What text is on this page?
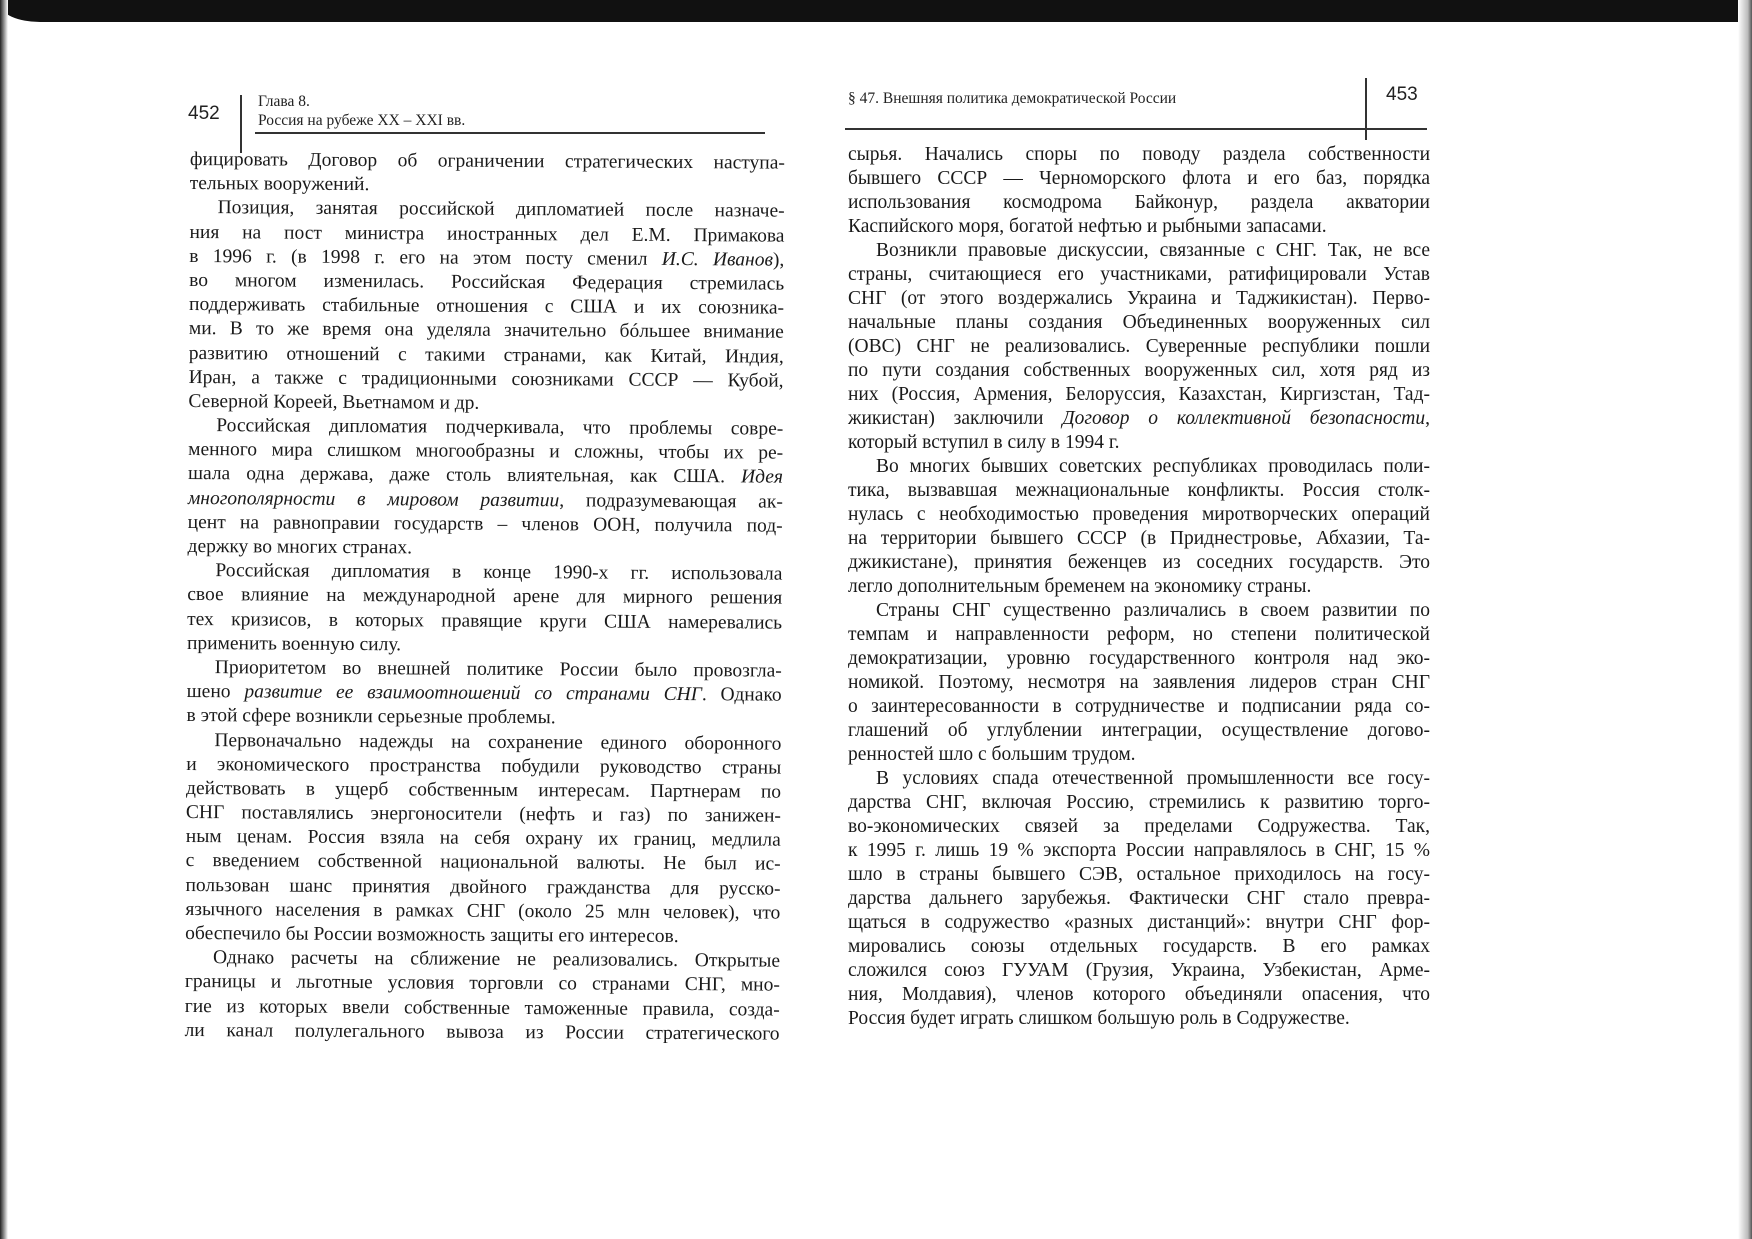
452
Глава 8.
Россия на рубеже XX – XXI вв.
§ 47. Внешняя политика демократической России	453
фицировать Договор об ограничении стратегических наступа-
тельных вооружений.
Позиция, занятая российской дипломатией после назначе-
ния на пост министра иностранных дел Е.М. Примакова
в 1996 г. (в 1998 г. его на этом посту сменил И.С. Иванов),
во многом изменилась. Российская Федерация стремилась
поддерживать стабильные отношения с США и их союзника-
ми. В то же время она уделяла значительно бóльшее внимание
развитию отношений с такими странами, как Китай, Индия,
Иран, а также с традиционными союзниками СССР — Кубой,
Северной Кореей, Вьетнамом и др.
Российская дипломатия подчеркивала, что проблемы совре-
менного мира слишком многообразны и сложны, чтобы их ре-
шала одна держава, даже столь влиятельная, как США. Идея
многополярности в мировом развитии, подразумевающая ак-
цент на равноправии государств – членов ООН, получила под-
держку во многих странах.
Российская дипломатия в конце 1990-х гг. использовала
свое влияние на международной арене для мирного решения
тех кризисов, в которых правящие круги США намеревались
применить военную силу.
Приоритетом во внешней политике России было провозгла-
шено развитие ее взаимоотношений со странами СНГ. Однако
в этой сфере возникли серьезные проблемы.
Первоначально надежды на сохранение единого оборонного
и экономического пространства побудили руководство страны
действовать в ущерб собственным интересам. Партнерам по
СНГ поставлялись энергоносители (нефть и газ) по занижен-
ным ценам. Россия взяла на себя охрану их границ, медлила
с введением собственной национальной валюты. Не был ис-
пользован шанс принятия двойного гражданства для русско-
язычного населения в рамках СНГ (около 25 млн человек), что
обеспечило бы России возможность защиты его интересов.
Однако расчеты на сближение не реализовались. Открытые
границы и льготные условия торговли со странами СНГ, мно-
гие из которых ввели собственные таможенные правила, созда-
ли канал полулегального вывоза из России стратегического
сырья. Начались споры по поводу раздела собственности
бывшего СССР — Черноморского флота и его баз, порядка
использования космодрома Байконур, раздела акватории
Каспийского моря, богатой нефтью и рыбными запасами.
Возникли правовые дискуссии, связанные с СНГ. Так, не все
страны, считающиеся его участниками, ратифицировали Устав
СНГ (от этого воздержались Украина и Таджикистан). Перво-
начальные планы создания Объединенных вооруженных сил
(ОВС) СНГ не реализовались. Суверенные республики пошли
по пути создания собственных вооруженных сил, хотя ряд из
них (Россия, Армения, Белоруссия, Казахстан, Киргизстан, Тад-
жикистан) заключили Договор о коллективной безопасности,
который вступил в силу в 1994 г.
Во многих бывших советских республиках проводилась поли-
тика, вызвавшая межнациональные конфликты. Россия столк-
нулась с необходимостью проведения миротворческих операций
на территории бывшего СССР (в Приднестровье, Абхазии, Та-
джикистане), принятия беженцев из соседних государств. Это
легло дополнительным бременем на экономику страны.
Страны СНГ существенно различались в своем развитии по
темпам и направленности реформ, но степени политической
демократизации, уровню государственного контроля над эко-
номикой. Поэтому, несмотря на заявления лидеров стран СНГ
о заинтересованности в сотрудничестве и подписании ряда со-
глашений об углублении интеграции, осуществление догово-
ренностей шло с большим трудом.
В условиях спада отечественной промышленности все госу-
дарства СНГ, включая Россию, стремились к развитию торго-
во-экономических связей за пределами Содружества. Так,
к 1995 г. лишь 19 % экспорта России направлялось в СНГ, 15 %
шло в страны бывшего СЭВ, остальное приходилось на госу-
дарства дальнего зарубежья. Фактически СНГ стало превра-
щаться в содружество «разных дистанций»: внутри СНГ фор-
мировались союзы отдельных государств. В его рамках
сложился союз ГУУАМ (Грузия, Украина, Узбекистан, Арме-
ния, Молдавия), членов которого объединяли опасения, что
Россия будет играть слишком большую роль в Содружестве.
